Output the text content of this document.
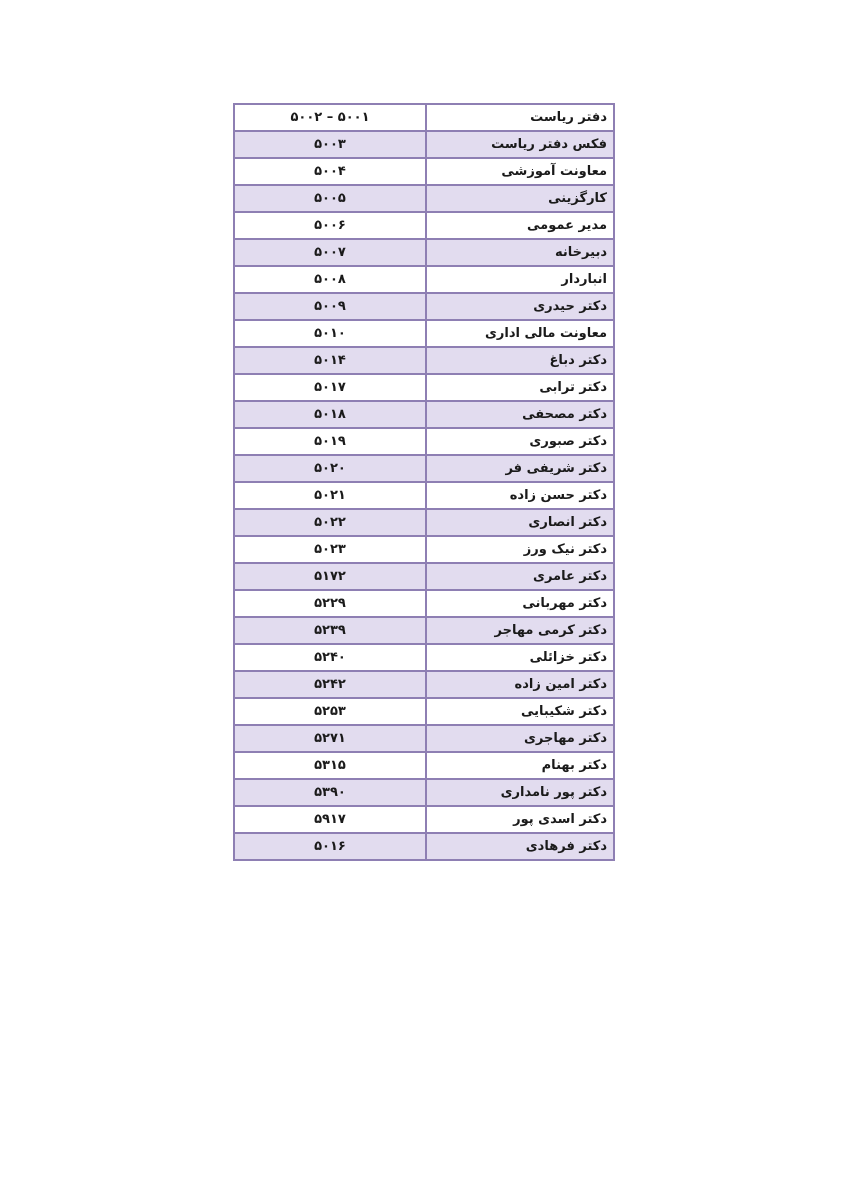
دفتر ریاست	۵۰۰۱ – ۵۰۰۲
فکس دفتر ریاست	۵۰۰۳
معاونت آموزشی	۵۰۰۴
کارگزینی	۵۰۰۵
مدیر عمومی	۵۰۰۶
دبیرخانه	۵۰۰۷
انباردار	۵۰۰۸
دکتر حیدری	۵۰۰۹
معاونت مالی اداری	۵۰۱۰
دکتر دباغ	۵۰۱۴
دکتر ترابی	۵۰۱۷
دکتر مصحفی	۵۰۱۸
دکتر صبوری	۵۰۱۹
دکتر شریفی فر	۵۰۲۰
دکتر حسن زاده	۵۰۲۱
دکتر انصاری	۵۰۲۲
دکتر نیک ورز	۵۰۲۳
دکتر عامری	۵۱۷۲
دکتر مهربانی	۵۲۲۹
دکتر کرمی مهاجر	۵۲۳۹
دکتر خزائلی	۵۲۴۰
دکتر امین زاده	۵۲۴۲
دکتر شکیبایی	۵۲۵۳
دکتر مهاجری	۵۲۷۱
دکتر بهنام	۵۳۱۵
دکتر پور نامداری	۵۳۹۰
دکتر اسدی پور	۵۹۱۷
دکتر فرهادی	۵۰۱۶
